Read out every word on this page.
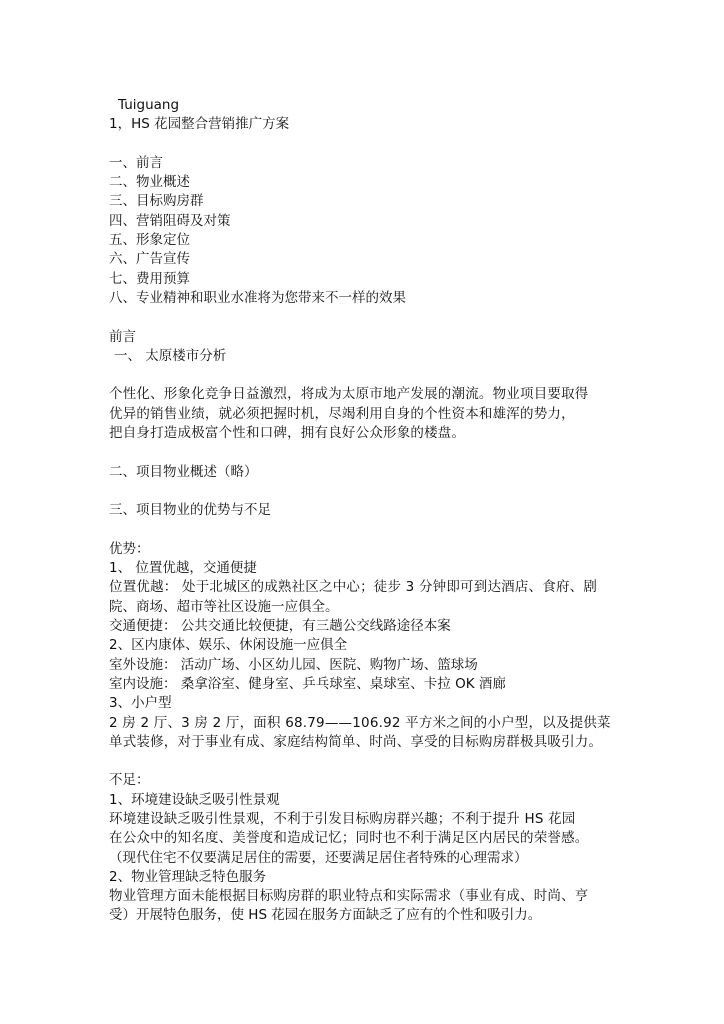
Tuiguang
1，HS 花园整合营销推广方案
一、前言
二、物业概述
三、目标购房群
四、营销阻碍及对策
五、形象定位
六、广告宣传
七、费用预算
八、专业精神和职业水准将为您带来不一样的效果
前言
一、 太原楼市分析
个性化、形象化竞争日益激烈，将成为太原市地产发展的潮流。物业项目要取得
优异的销售业绩，就必须把握时机，尽竭利用自身的个性资本和雄浑的势力，
把自身打造成极富个性和口碑，拥有良好公众形象的楼盘。
二、项目物业概述（略）
三、项目物业的优势与不足
优势：
1、 位置优越，交通便捷
位置优越： 处于北城区的成熟社区之中心；徒步 3 分钟即可到达酒店、食府、剧
院、商场、超市等社区设施一应俱全。
交通便捷： 公共交通比较便捷，有三趟公交线路途径本案
2、区内康体、娱乐、休闲设施一应俱全
室外设施： 活动广场、小区幼儿园、医院、购物广场、篮球场
室内设施： 桑拿浴室、健身室、乒乓球室、桌球室、卡拉 OK 酒廊
3、小户型
2 房 2 厅、3 房 2 厅，面积 68.79——106.92 平方米之间的小户型，以及提供菜
单式装修，对于事业有成、家庭结构简单、时尚、享受的目标购房群极具吸引力。
不足：
1、环境建设缺乏吸引性景观
环境建设缺乏吸引性景观，不利于引发目标购房群兴趣；不利于提升 HS 花园
在公众中的知名度、美誉度和造成记忆；同时也不利于满足区内居民的荣誉感。
（现代住宅不仅要满足居住的需要，还要满足居住者特殊的心理需求）
2、物业管理缺乏特色服务
物业管理方面未能根据目标购房群的职业特点和实际需求（事业有成、时尚、亨
受）开展特色服务，使 HS 花园在服务方面缺乏了应有的个性和吸引力。
